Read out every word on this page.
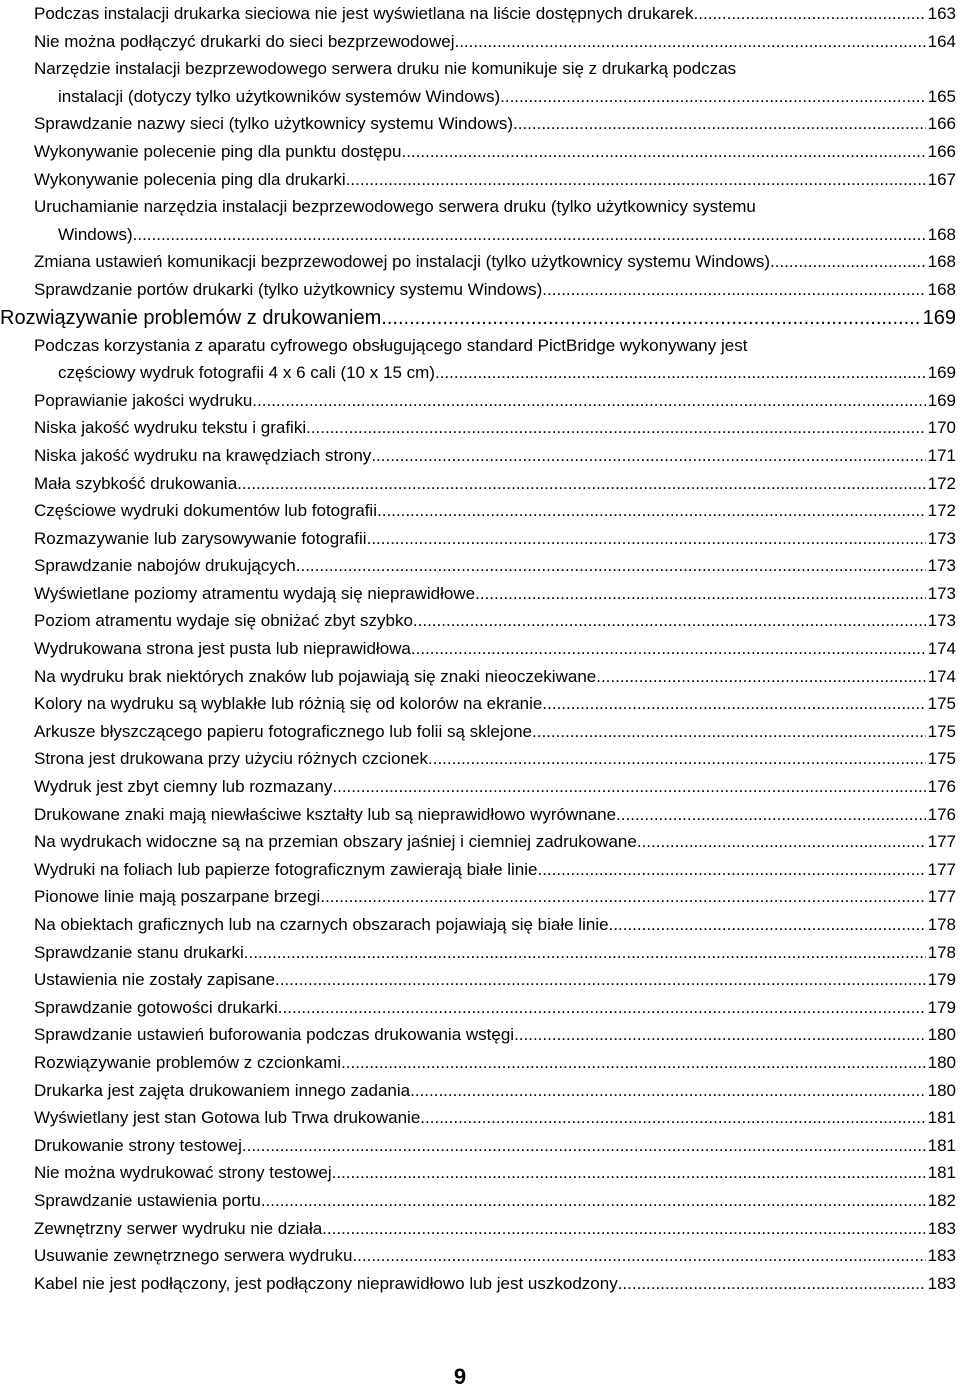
Podczas instalacji drukarka sieciowa nie jest wyświetlana na liście dostępnych drukarek .....	163
Nie można podłączyć drukarki do sieci bezprzewodowej. .....	164
Narzędzie instalacji bezprzewodowego serwera druku nie komunikuje się z drukarką podczas
instalacji (dotyczy tylko użytkowników systemów Windows) .....	165
Sprawdzanie nazwy sieci (tylko użytkownicy systemu Windows) .....	166
Wykonywanie polecenie ping dla punktu dostępu .....	166
Wykonywanie polecenia ping dla drukarki .....	167
Uruchamianie narzędzia instalacji bezprzewodowego serwera druku (tylko użytkownicy systemu
Windows) .....	168
Zmiana ustawień komunikacji bezprzewodowej po instalacji (tylko użytkownicy systemu Windows) .....	168
Sprawdzanie portów drukarki (tylko użytkownicy systemu Windows) .....	168
Rozwiązywanie problemów z drukowaniem .....	169
Podczas korzystania z aparatu cyfrowego obsługującego standard PictBridge wykonywany jest
częściowy wydruk fotografii 4 x 6 cali (10 x 15 cm) .....	169
Poprawianie jakości wydruku .....	169
Niska jakość wydruku tekstu i grafiki .....	170
Niska jakość wydruku na krawędziach strony .....	171
Mała szybkość drukowania .....	172
Częściowe wydruki dokumentów lub fotografii .....	172
Rozmazywanie lub zarysowywanie fotografii .....	173
Sprawdzanie nabojów drukujących .....	173
Wyświetlane poziomy atramentu wydają się nieprawidłowe .....	173
Poziom atramentu wydaje się obniżać zbyt szybko. .....	173
Wydrukowana strona jest pusta lub nieprawidłowa .....	174
Na wydruku brak niektórych znaków lub pojawiają się znaki nieoczekiwane. .....	174
Kolory na wydruku są wyblakłe lub różnią się od kolorów na ekranie .....	175
Arkusze błyszczącego papieru fotograficznego lub folii są sklejone .....	175
Strona jest drukowana przy użyciu różnych czcionek .....	175
Wydruk jest zbyt ciemny lub rozmazany .....	176
Drukowane znaki mają niewłaściwe kształty lub są nieprawidłowo wyrównane .....	176
Na wydrukach widoczne są na przemian obszary jaśniej i ciemniej zadrukowane .....	177
Wydruki na foliach lub papierze fotograficznym zawierają białe linie .....	177
Pionowe linie mają poszarpane brzegi .....	177
Na obiektach graficznych lub na czarnych obszarach pojawiają się białe linie .....	178
Sprawdzanie stanu drukarki .....	178
Ustawienia nie zostały zapisane .....	179
Sprawdzanie gotowości drukarki .....	179
Sprawdzanie ustawień buforowania podczas drukowania wstęgi .....	180
Rozwiązywanie problemów z czcionkami .....	180
Drukarka jest zajęta drukowaniem innego zadania .....	180
Wyświetlany jest stan Gotowa lub Trwa drukowanie .....	181
Drukowanie strony testowej .....	181
Nie można wydrukować strony testowej .....	181
Sprawdzanie ustawienia portu .....	182
Zewnętrzny serwer wydruku nie działa .....	183
Usuwanie zewnętrznego serwera wydruku .....	183
Kabel nie jest podłączony, jest podłączony nieprawidłowo lub jest uszkodzony .....	183
9
